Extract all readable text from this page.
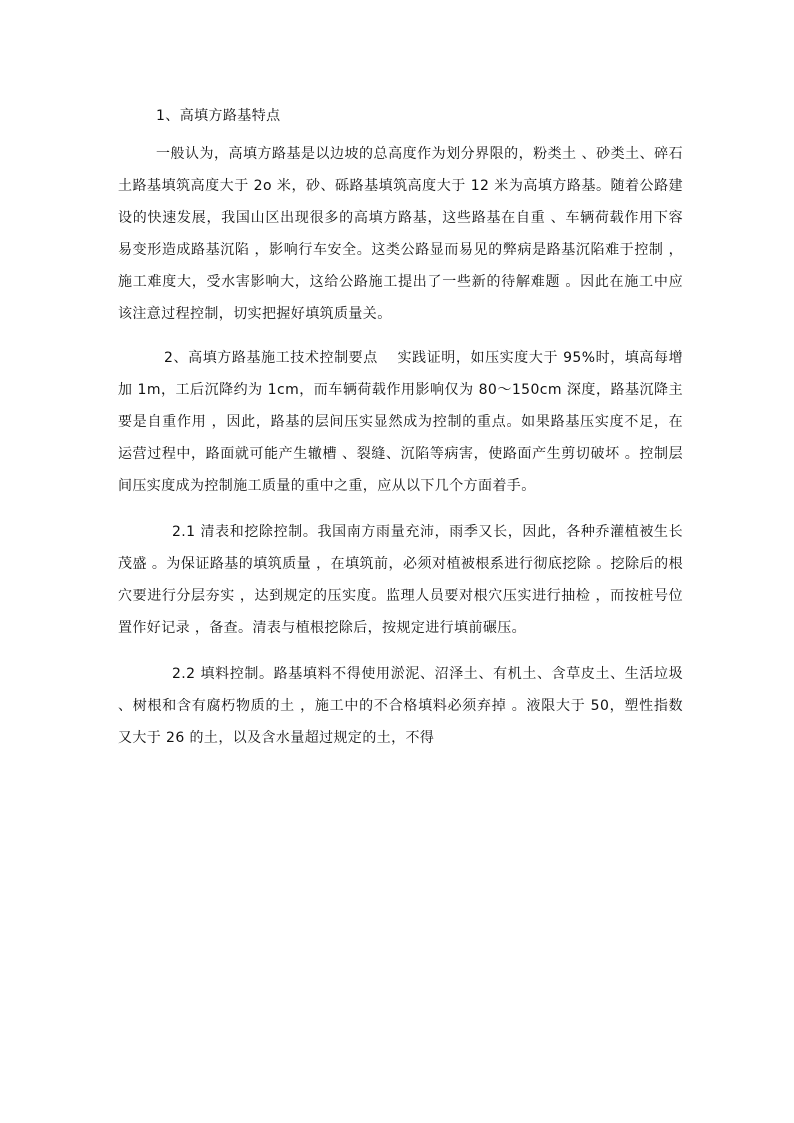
1、高填方路基特点

一般认为，高填方路基是以边坡的总高度作为划分界限的，粉类土 、砂类土、碎石土路基填筑高度大于 2o 米，砂、砾路基填筑高度大于 12 米为高填方路基。随着公路建设的快速发展，我国山区出现很多的高填方路基，这些路基在自重 、车辆荷载作用下容易变形造成路基沉陷 ，影响行车安全。这类公路显而易见的弊病是路基沉陷难于控制 ，施工难度大，受水害影响大，这给公路施工提出了一些新的待解难题 。因此在施工中应该注意过程控制，切实把握好填筑质量关。

2、高填方路基施工技术控制要点　 实践证明，如压实度大于 95%时，填高每增加 1m，工后沉降约为 1cm，而车辆荷载作用影响仅为 80～150cm 深度，路基沉降主要是自重作用 ，因此，路基的层间压实显然成为控制的重点。如果路基压实度不足，在运营过程中，路面就可能产生辙槽 、裂缝、沉陷等病害，使路面产生剪切破坏 。控制层间压实度成为控制施工质量的重中之重，应从以下几个方面着手。

2.1 清表和挖除控制。我国南方雨量充沛，雨季又长，因此，各种乔灌植被生长茂盛 。为保证路基的填筑质量 ，在填筑前，必须对植被根系进行彻底挖除 。挖除后的根穴要进行分层夯实 ，达到规定的压实度。监理人员要对根穴压实进行抽检 ，而按桩号位置作好记录 ，备查。清表与植根挖除后，按规定进行填前碾压。

2.2 填料控制。路基填料不得使用淤泥、沼泽土、有机土、含草皮土、生活垃圾 、树根和含有腐朽物质的土 ，施工中的不合格填料必须弃掉 。液限大于 50，塑性指数又大于 26 的土，以及含水量超过规定的土，不得
